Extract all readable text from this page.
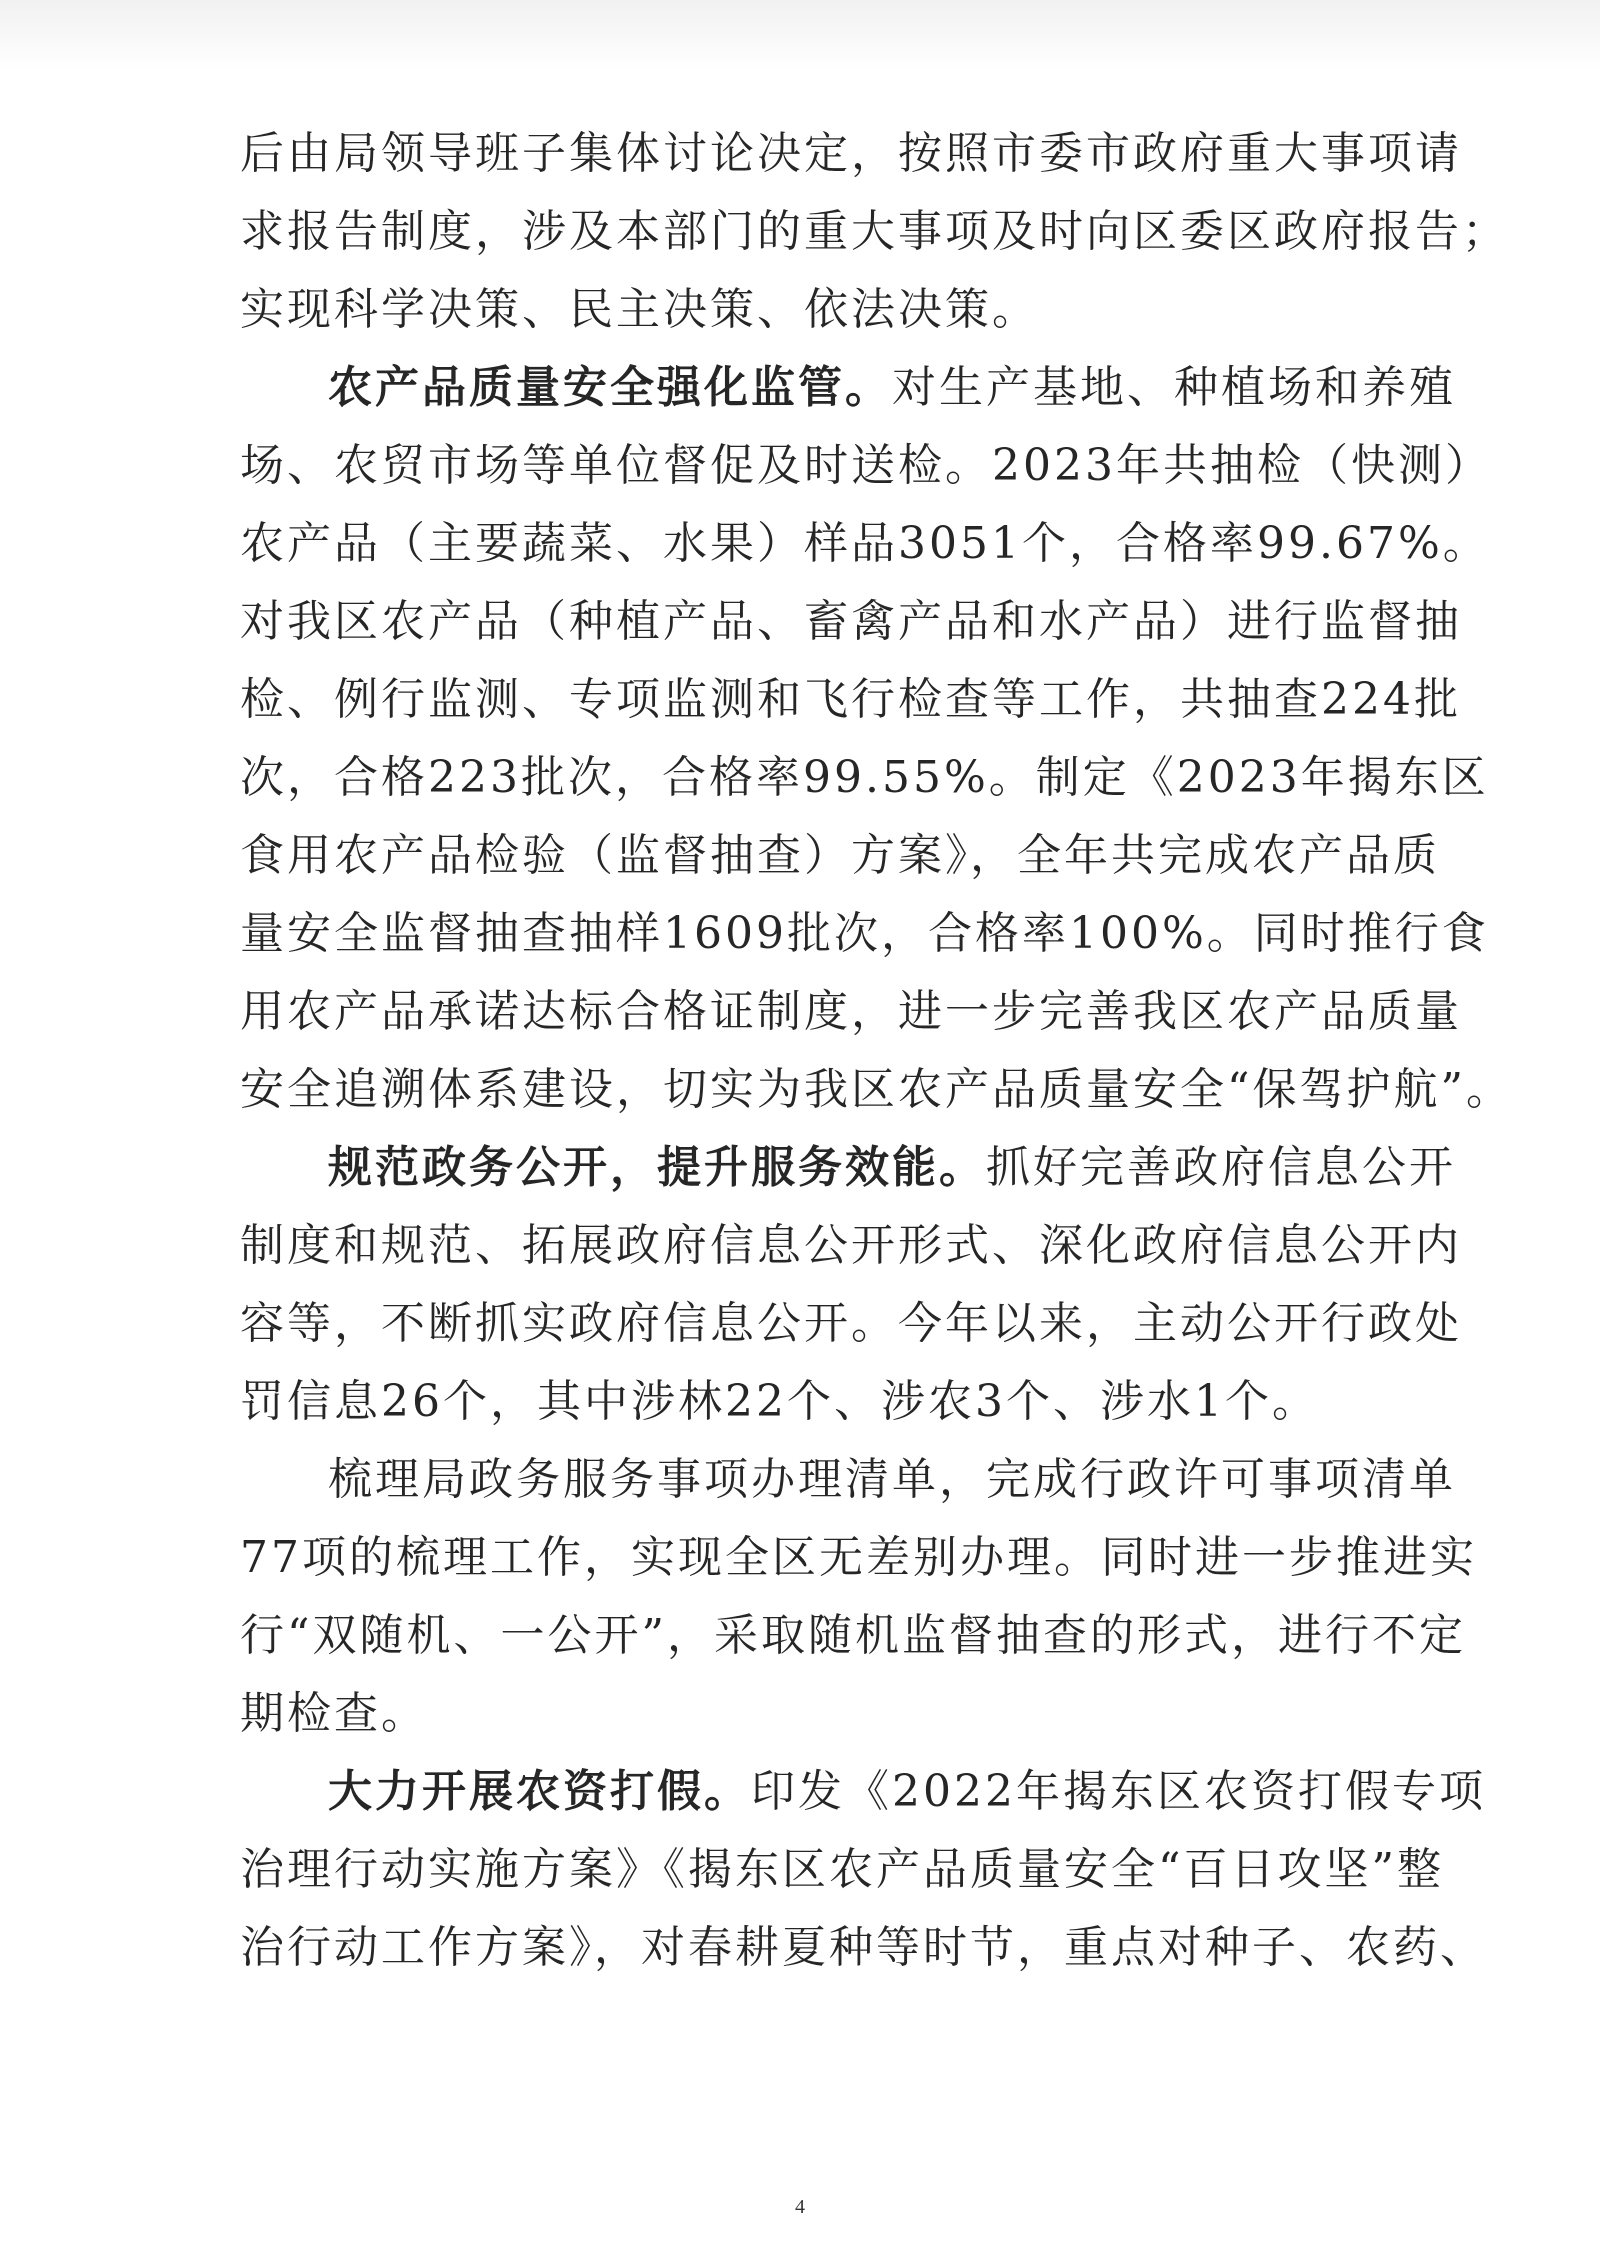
后由局领导班子集体讨论决定，按照市委市政府重大事项请
求报告制度，涉及本部门的重大事项及时向区委区政府报告；
实现科学决策、民主决策、依法决策。
农产品质量安全强化监管。对生产基地、种植场和养殖
场、农贸市场等单位督促及时送检。2023年共抽检（快测）
农产品（主要蔬菜、水果）样品3051个，合格率99.67%。
对我区农产品（种植产品、畜禽产品和水产品）进行监督抽
检、例行监测、专项监测和飞行检查等工作，共抽查224批
次，合格223批次，合格率99.55%。制定《2023年揭东区
食用农产品检验（监督抽查）方案》，全年共完成农产品质
量安全监督抽查抽样1609批次，合格率100%。同时推行食
用农产品承诺达标合格证制度，进一步完善我区农产品质量
安全追溯体系建设，切实为我区农产品质量安全“保驾护航”。
规范政务公开，提升服务效能。抓好完善政府信息公开
制度和规范、拓展政府信息公开形式、深化政府信息公开内
容等，不断抓实政府信息公开。今年以来，主动公开行政处
罚信息26个，其中涉林22个、涉农3个、涉水1个。
梳理局政务服务事项办理清单，完成行政许可事项清单
77项的梳理工作，实现全区无差别办理。同时进一步推进实
行“双随机、一公开”，采取随机监督抽查的形式，进行不定
期检查。
大力开展农资打假。印发《2022年揭东区农资打假专项
治理行动实施方案》《揭东区农产品质量安全“百日攻坚”整
治行动工作方案》，对春耕夏种等时节，重点对种子、农药、
4
